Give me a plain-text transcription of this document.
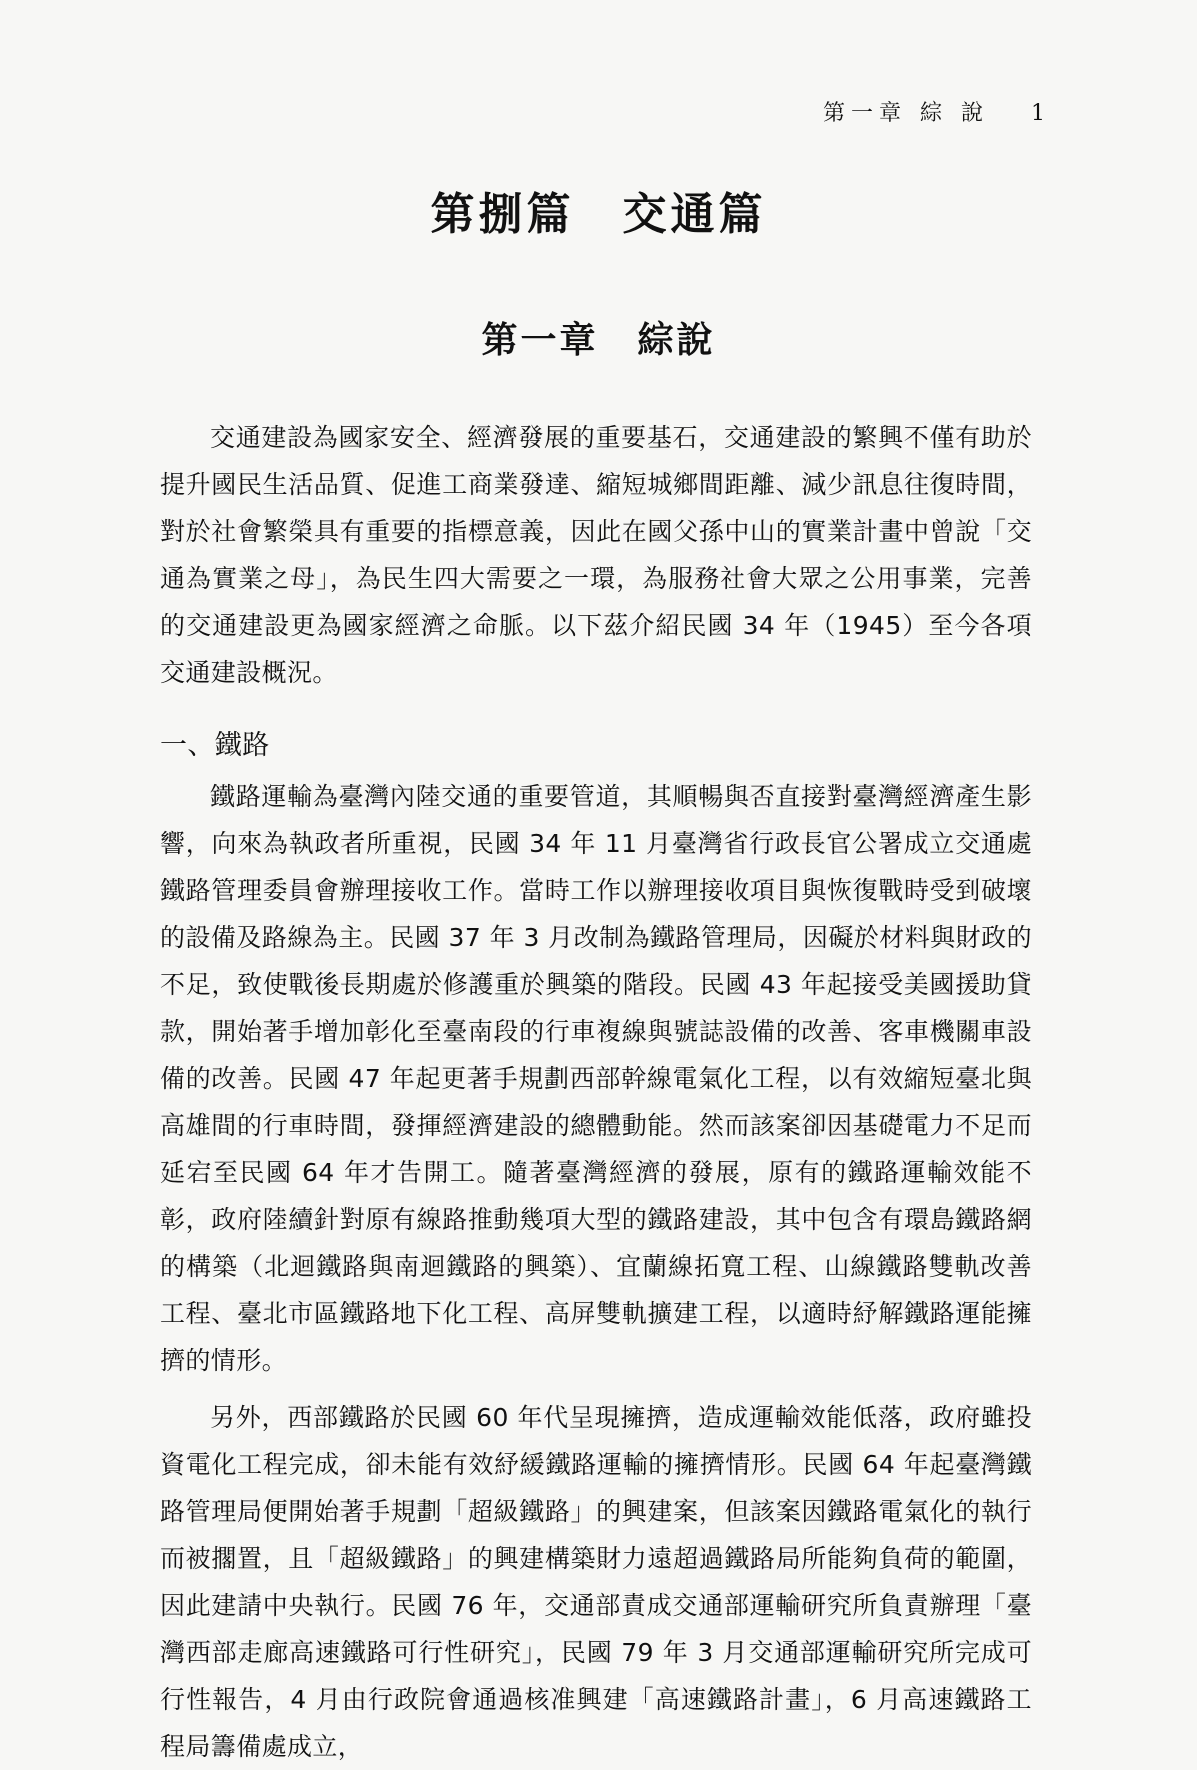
第一章 綜 說 1
第捌篇　交通篇
第一章　綜說

交通建設為國家安全、經濟發展的重要基石，交通建設的繁興不僅有助於提升國民生活品質、促進工商業發達、縮短城鄉間距離、減少訊息往復時間，對於社會繁榮具有重要的指標意義，因此在國父孫中山的實業計畫中曾說「交通為實業之母」，為民生四大需要之一環，為服務社會大眾之公用事業，完善的交通建設更為國家經濟之命脈。以下茲介紹民國 34 年（1945）至今各項交通建設概況。

一、鐵路

鐵路運輸為臺灣內陸交通的重要管道，其順暢與否直接對臺灣經濟產生影響，向來為執政者所重視，民國 34 年 11 月臺灣省行政長官公署成立交通處鐵路管理委員會辦理接收工作。當時工作以辦理接收項目與恢復戰時受到破壞的設備及路線為主。民國 37 年 3 月改制為鐵路管理局，因礙於材料與財政的不足，致使戰後長期處於修護重於興築的階段。民國 43 年起接受美國援助貸款，開始著手增加彰化至臺南段的行車複線與號誌設備的改善、客車機關車設備的改善。民國 47 年起更著手規劃西部幹線電氣化工程，以有效縮短臺北與高雄間的行車時間，發揮經濟建設的總體動能。然而該案卻因基礎電力不足而延宕至民國 64 年才告開工。隨著臺灣經濟的發展，原有的鐵路運輸效能不彰，政府陸續針對原有線路推動幾項大型的鐵路建設，其中包含有環島鐵路網的構築（北迴鐵路與南迴鐵路的興築）、宜蘭線拓寬工程、山線鐵路雙軌改善工程、臺北市區鐵路地下化工程、高屏雙軌擴建工程，以適時紓解鐵路運能擁擠的情形。

另外，西部鐵路於民國 60 年代呈現擁擠，造成運輸效能低落，政府雖投資電化工程完成，卻未能有效紓緩鐵路運輸的擁擠情形。民國 64 年起臺灣鐵路管理局便開始著手規劃「超級鐵路」的興建案，但該案因鐵路電氣化的執行而被擱置，且「超級鐵路」的興建構築財力遠超過鐵路局所能夠負荷的範圍，因此建請中央執行。民國 76 年，交通部責成交通部運輸研究所負責辦理「臺灣西部走廊高速鐵路可行性研究」，民國 79 年 3 月交通部運輸研究所完成可行性報告，4 月由行政院會通過核准興建「高速鐵路計畫」，6 月高速鐵路工程局籌備處成立，
